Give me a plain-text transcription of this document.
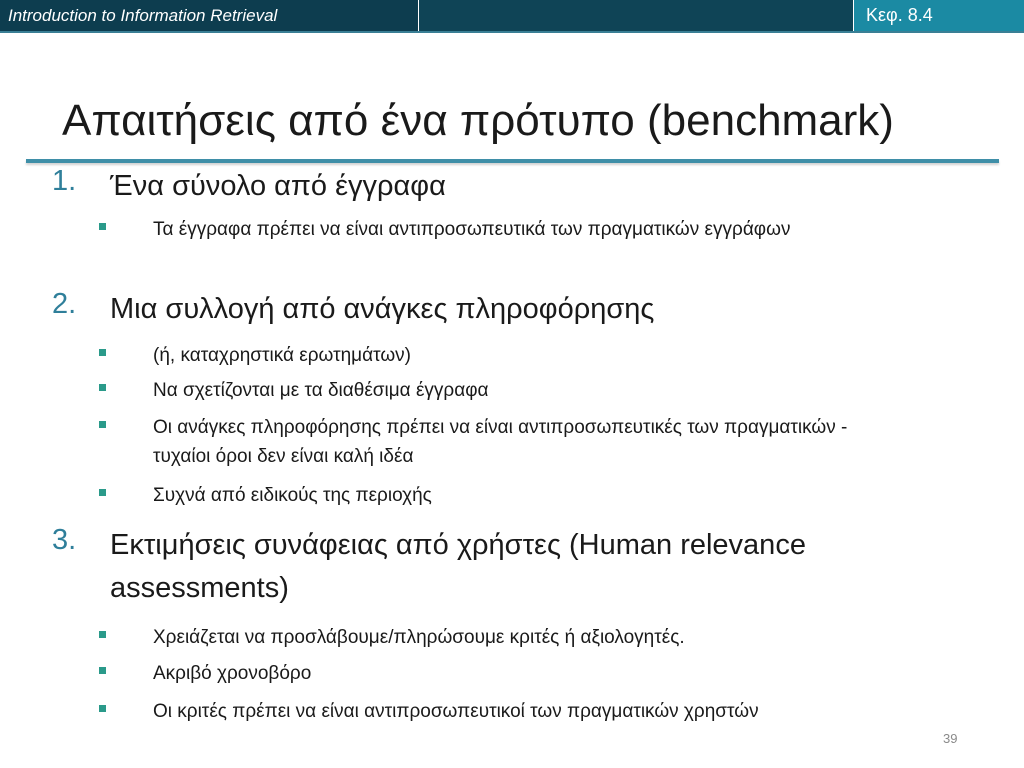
Introduction to Information Retrieval	Κεφ. 8.4
Απαιτήσεις από ένα πρότυπο (benchmark)
1. Ένα σύνολο από έγγραφα
Τα έγγραφα πρέπει να είναι αντιπροσωπευτικά των πραγματικών εγγράφων
2. Μια συλλογή από ανάγκες πληροφόρησης
(ή, καταχρηστικά ερωτημάτων)
Να σχετίζονται με τα διαθέσιμα έγγραφα
Οι ανάγκες πληροφόρησης πρέπει να είναι αντιπροσωπευτικές των πραγματικών - τυχαίοι όροι δεν είναι καλή ιδέα
Συχνά από ειδικούς της περιοχής
3. Εκτιμήσεις συνάφειας από χρήστες (Human relevance assessments)
Χρειάζεται να προσλάβουμε/πληρώσουμε κριτές ή αξιολογητές.
Ακριβό χρονοβόρο
Οι κριτές πρέπει να είναι αντιπροσωπευτικοί των πραγματικών χρηστών
39
